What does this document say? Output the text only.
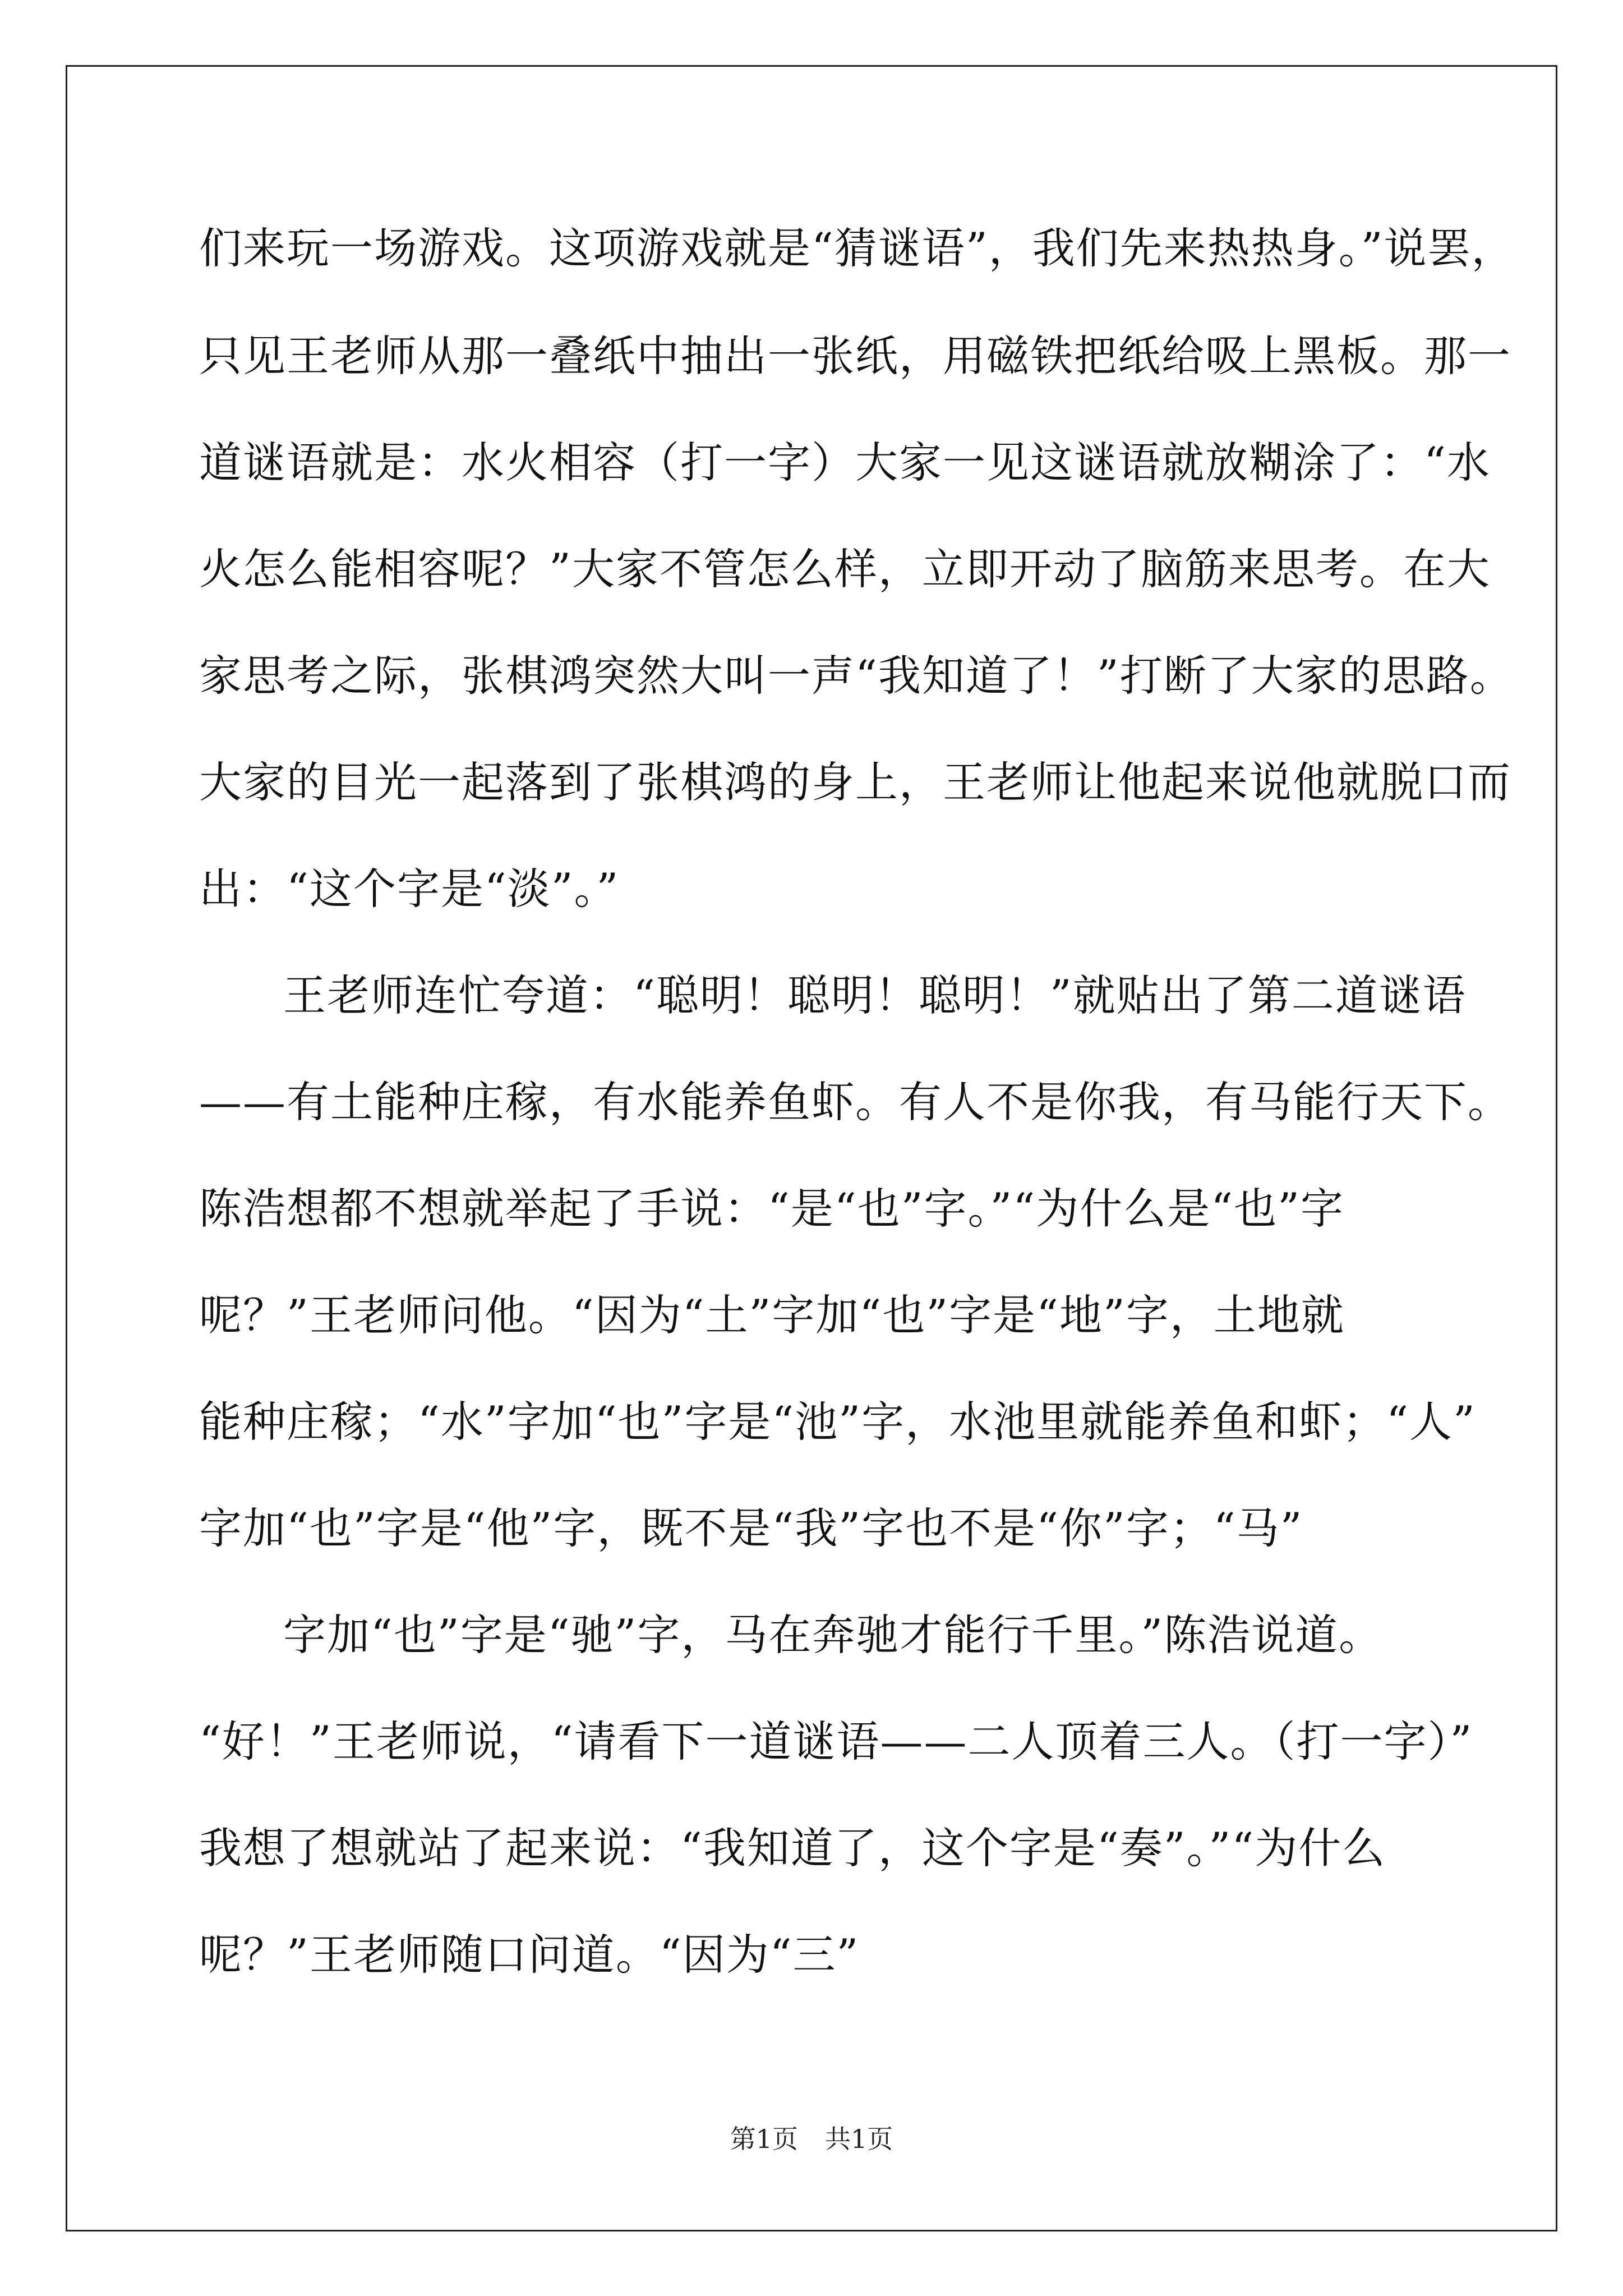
们来玩一场游戏。这项游戏就是“猜谜语”，我们先来热热身。”说罢，
只见王老师从那一叠纸中抽出一张纸，用磁铁把纸给吸上黑板。那一
道谜语就是：水火相容（打一字）大家一见这谜语就放糊涂了：“水
火怎么能相容呢？”大家不管怎么样，立即开动了脑筋来思考。在大
家思考之际，张棋鸿突然大叫一声“我知道了！”打断了大家的思路。
大家的目光一起落到了张棋鸿的身上，王老师让他起来说他就脱口而
出：“这个字是“淡”。”
王老师连忙夸道：“聪明！聪明！聪明！”就贴出了第二道谜语
——有土能种庄稼，有水能养鱼虾。有人不是你我，有马能行天下。
陈浩想都不想就举起了手说：“是“也”字。”“为什么是“也”字
呢？”王老师问他。“因为“土”字加“也”字是“地”字，土地就
能种庄稼；“水”字加“也”字是“池”字，水池里就能养鱼和虾；“人”
字加“也”字是“他”字，既不是“我”字也不是“你”字；“马”
字加“也”字是“驰”字，马在奔驰才能行千里。”陈浩说道。
“好！”王老师说，“请看下一道谜语——二人顶着三人。（打一字）”
我想了想就站了起来说：“我知道了，这个字是“奏”。”“为什么
呢？”王老师随口问道。“因为“三”
第1页 共1页
